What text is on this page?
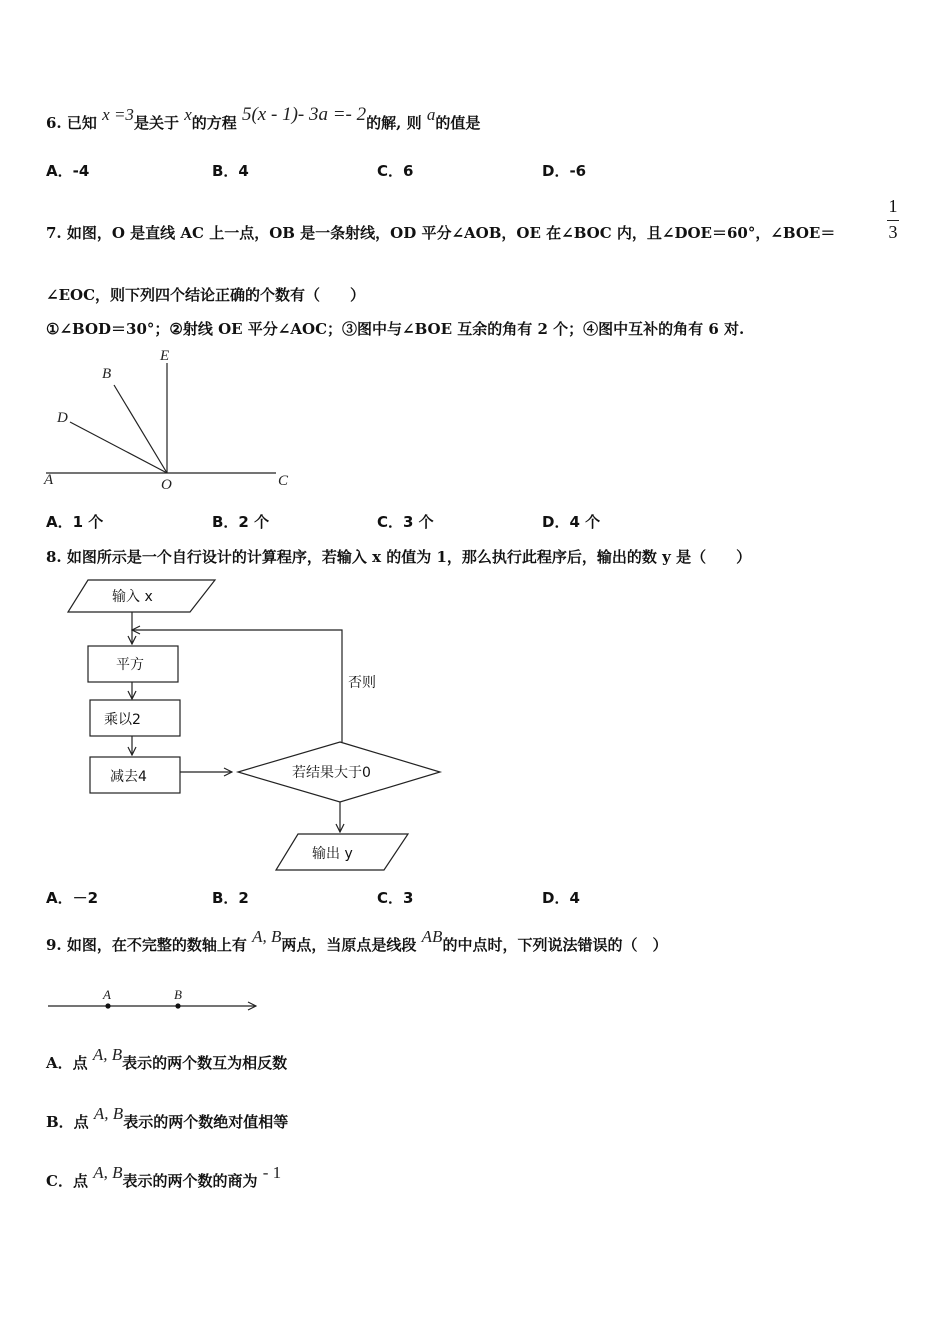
6. 已知 x =3是关于 x的方程 5(x - 1)- 3a =- 2的解, 则 a的值是
A．-4	B．4	C．6	D．-6
7. 如图，O 是直线 AC 上一点，OB 是一条射线，OD 平分∠AOB，OE 在∠BOC 内，且∠DOE＝60°，∠BOE＝
1
3
∠EOC，则下列四个结论正确的个数有（　　）
①∠BOD＝30°；②射线 OE 平分∠AOC；③图中与∠BOE 互余的角有 2 个；④图中互补的角有 6 对.
E
B
D
A	O	C
A．1 个	B．2 个	C．3 个	D．4 个
8. 如图所示是一个自行设计的计算程序，若输入 x 的值为 1，那么执行此程序后，输出的数 y 是（　　）
输入 x
平方
乘以2
减去4	若结果大于0
否则
输出 y
A．－2	B．2	C．3	D．4
9. 如图，在不完整的数轴上有 A, B两点，当原点是线段 AB的中点时，下列说法错误的（　）
A	B
A．点 A, B表示的两个数互为相反数
B．点 A, B表示的两个数绝对值相等
C．点 A, B表示的两个数的商为 - 1
